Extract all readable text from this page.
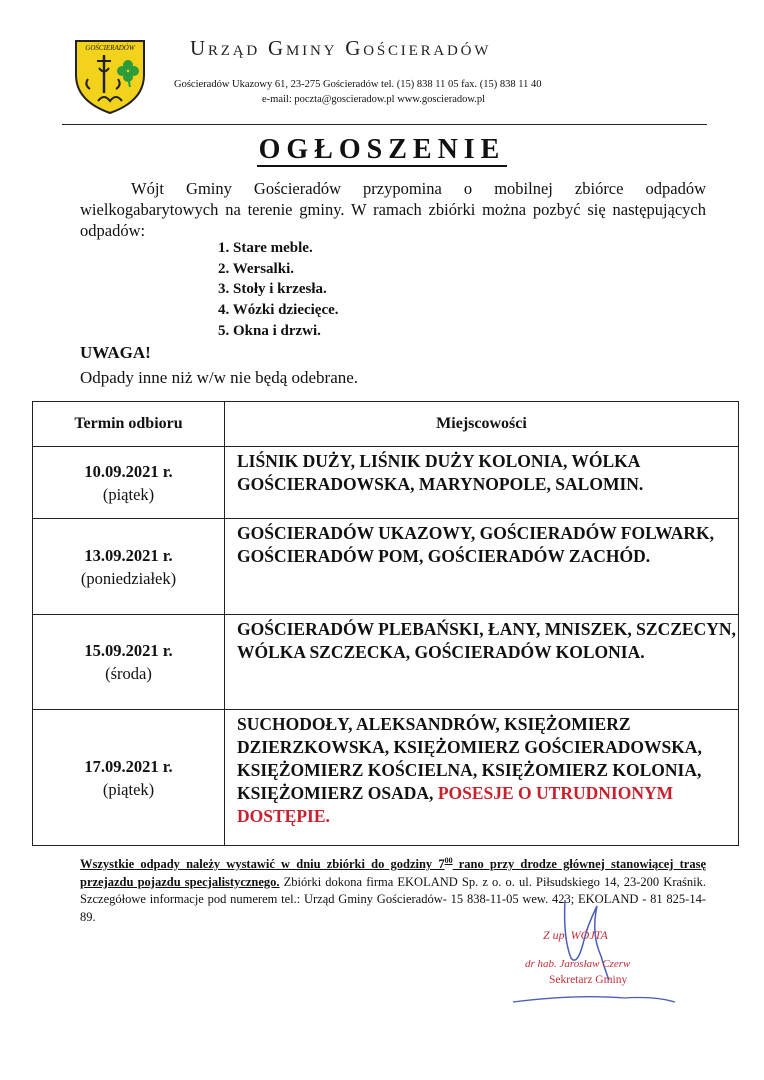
GOŚCIERADÓW	Urząd Gminy Gościeradów
Gościeradów Ukazowy 61, 23-275 Gościeradów tel. (15) 838 11 05 fax. (15) 838 11 40
e-mail: poczta@goscieradow.pl www.goscieradow.pl
OGŁOSZENIE

Wójt Gminy Gościeradów przypomina o mobilnej zbiórce odpadów wielkogabarytowych na terenie gminy. W ramach zbiórki można pozbyć się następujących odpadów:

1. Stare meble.
2. Wersalki.
3. Stoły i krzesła.
4. Wózki dziecięce.
5. Okna i drzwi.
UWAGA!
Odpady inne niż w/w nie będą odebrane.
Termin odbioru	Miejscowości

10.09.2021 r.
(piątek)	LIŚNIK DUŻY, LIŚNIK DUŻY KOLONIA, WÓLKA GOŚCIERADOWSKA, MARYNOPOLE, SALOMIN.

13.09.2021 r.
(poniedziałek)	GOŚCIERADÓW UKAZOWY, GOŚCIERADÓW FOLWARK, GOŚCIERADÓW POM, GOŚCIERADÓW ZACHÓD.

15.09.2021 r.
(środa)	GOŚCIERADÓW PLEBAŃSKI, ŁANY, MNISZEK, SZCZECYN, WÓLKA SZCZECKA, GOŚCIERADÓW KOLONIA.

17.09.2021 r.
(piątek)	SUCHODOŁY, ALEKSANDRÓW, KSIĘŻOMIERZ DZIERZKOWSKA, KSIĘŻOMIERZ GOŚCIERADOWSKA, KSIĘŻOMIERZ KOŚCIELNA, KSIĘŻOMIERZ KOLONIA, KSIĘŻOMIERZ OSADA, POSESJE O UTRUDNIONYM DOSTĘPIE.
Wszystkie odpady należy wystawić w dniu zbiórki do godziny $7^{00}$ rano przy drodze głównej stanowiącej trasę przejazdu pojazdu specjalistycznego. Zbiórki dokona firma EKOLAND Sp. z o. o. ul. Piłsudskiego 14, 23-200 Kraśnik. Szczegółowe informacje pod numerem tel.: Urząd Gminy Gościeradów- 15 838-11-05 wew. 423; EKOLAND - 81 825-14-89.
Z up. WÓJTA
dr hab. Jarosław Czerw
Sekretarz Gminy
